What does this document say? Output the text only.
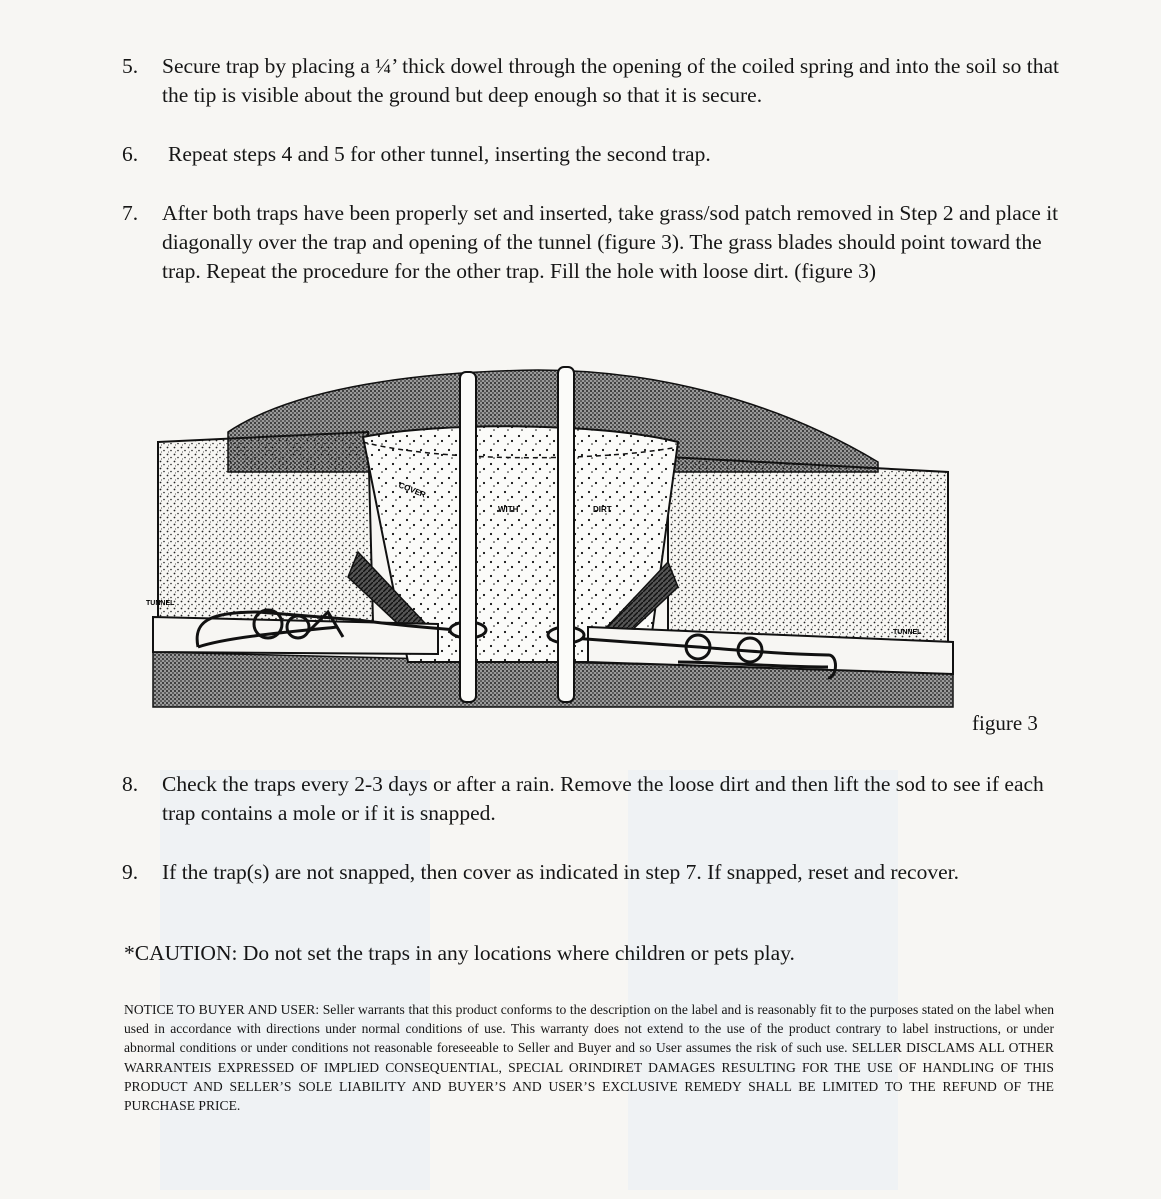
5.	Secure trap by placing a ¼’ thick dowel through the opening of the coiled spring and into the soil so that the tip is visible about the ground but deep enough so that it is secure.
6.	Repeat steps 4 and 5 for other tunnel, inserting the second trap.
7.	After both traps have been properly set and inserted, take grass/sod patch removed in Step 2 and place it diagonally over the trap and opening of the tunnel (figure 3). The grass blades should point toward the trap. Repeat the procedure for the other trap. Fill the hole with loose dirt. (figure 3)
COVER
WITH	DIRT
TUNNEL
TUNNEL
figure 3
8.	Check the traps every 2-3 days or after a rain. Remove the loose dirt and then lift the sod to see if each trap contains a mole or if it is snapped.
9.	If the trap(s) are not snapped, then cover as indicated in step 7. If snapped, reset and recover.
*CAUTION: Do not set the traps in any locations where children or pets play.
NOTICE TO BUYER AND USER: Seller warrants that this product conforms to the description on the label and is reasonably fit to the purposes stated on the label when used in accordance with directions under normal conditions of use. This warranty does not extend to the use of the product contrary to label instructions, or under abnormal conditions or under conditions not reasonable foreseeable to Seller and Buyer and so User assumes the risk of such use. SELLER DISCLAMS ALL OTHER WARRANTEIS EXPRESSED OF IMPLIED CONSEQUENTIAL, SPECIAL ORINDIRET DAMAGES RESULTING FOR THE USE OF HANDLING OF THIS PRODUCT AND SELLER’S SOLE LIABILITY AND BUYER’S AND USER’S EXCLUSIVE REMEDY SHALL BE LIMITED TO THE REFUND OF THE PURCHASE PRICE.
